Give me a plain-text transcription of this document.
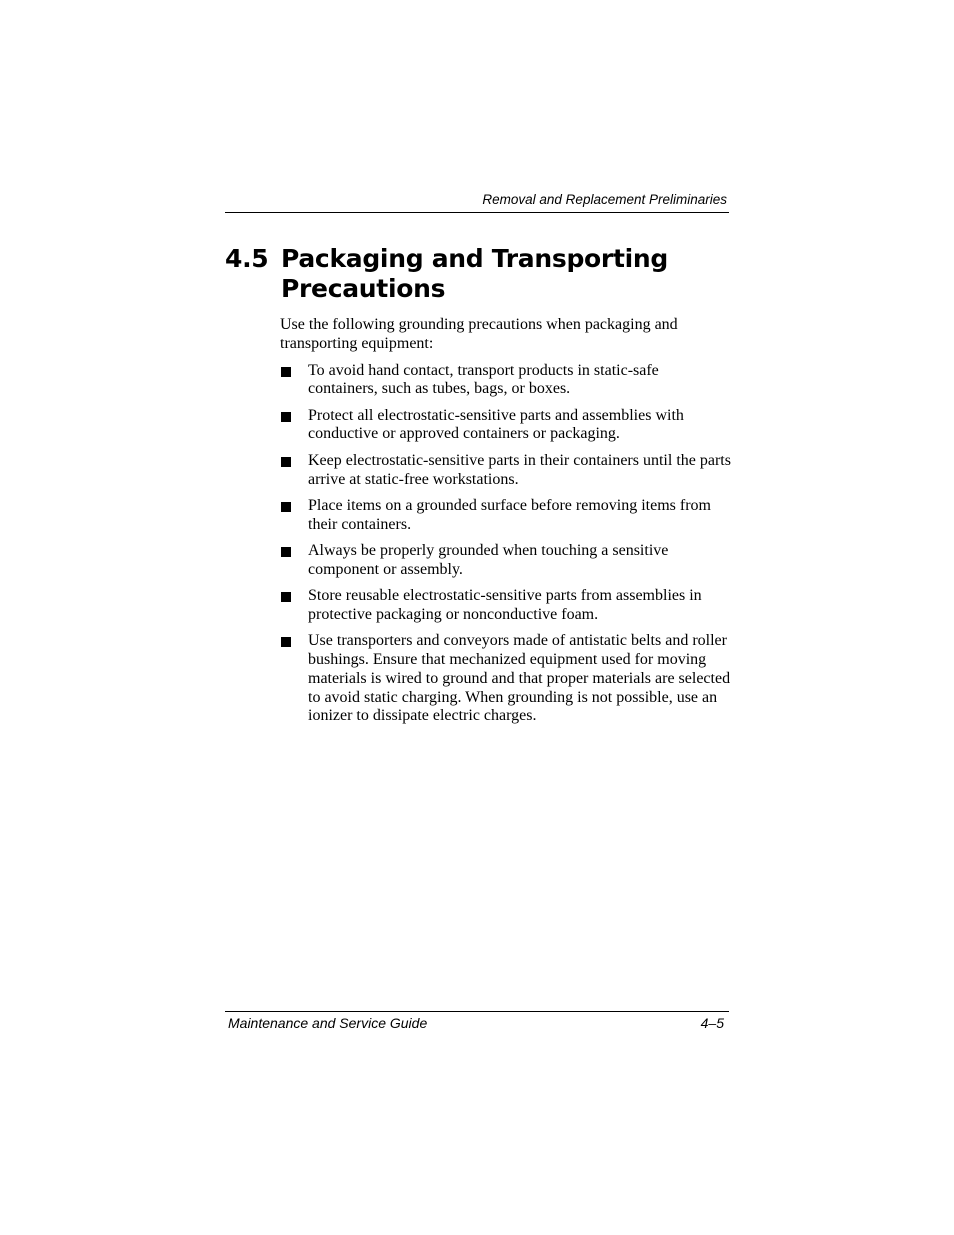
Removal and Replacement Preliminaries
4.5 Packaging and Transporting
Precautions

Use the following grounding precautions when packaging and transporting equipment:

To avoid hand contact, transport products in static-safe containers, such as tubes, bags, or boxes.
Protect all electrostatic-sensitive parts and assemblies with conductive or approved containers or packaging.
Keep electrostatic-sensitive parts in their containers until the parts arrive at static-free workstations.
Place items on a grounded surface before removing items from their containers.
Always be properly grounded when touching a sensitive component or assembly.
Store reusable electrostatic-sensitive parts from assemblies in protective packaging or nonconductive foam.
Use transporters and conveyors made of antistatic belts and roller bushings. Ensure that mechanized equipment used for moving materials is wired to ground and that proper materials are selected to avoid static charging. When grounding is not possible, use an ionizer to dissipate electric charges.
Maintenance and Service Guide	4–5
